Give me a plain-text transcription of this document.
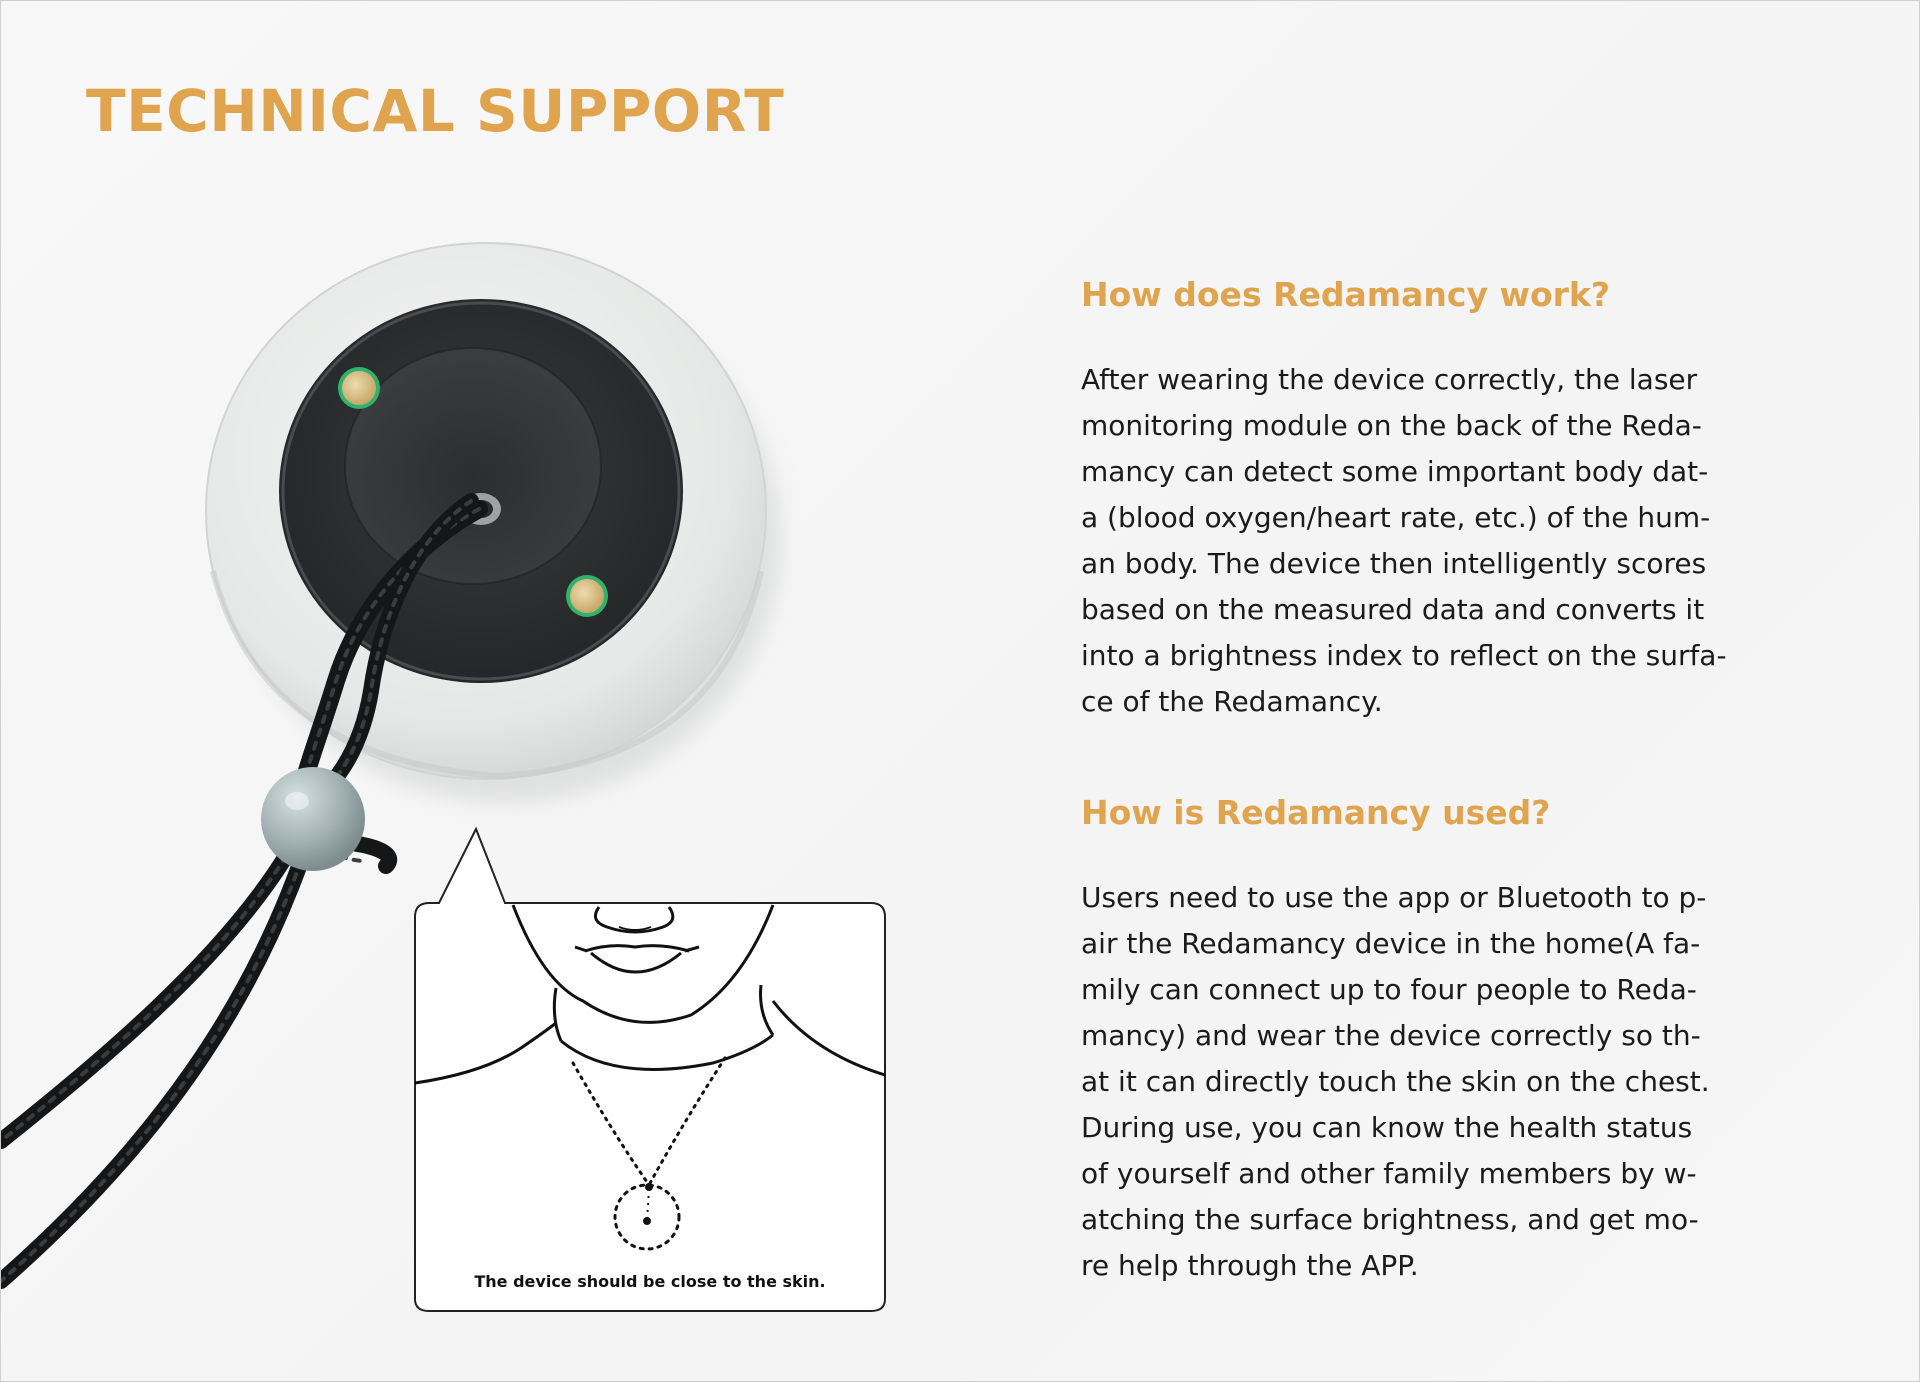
TECHNICAL SUPPORT
The device should be close to the skin.
How does Redamancy work?

After wearing the device correctly, the laser
monitoring module on the back of the Reda-
mancy can detect some important body dat-
a (blood oxygen/heart rate, etc.) of the hum-
an body. The device then intelligently scores
based on the measured data and converts it
into a brightness index to reflect on the surfa-
ce of the Redamancy.

How is Redamancy used?

Users need to use the app or Bluetooth to p-
air the Redamancy device in the home(A fa-
mily can connect up to four people to Reda-
mancy) and wear the device correctly so th-
at it can directly touch the skin on the chest.
During use, you can know the health status
of yourself and other family members by w-
atching the surface brightness, and get mo-
re help through the APP.
